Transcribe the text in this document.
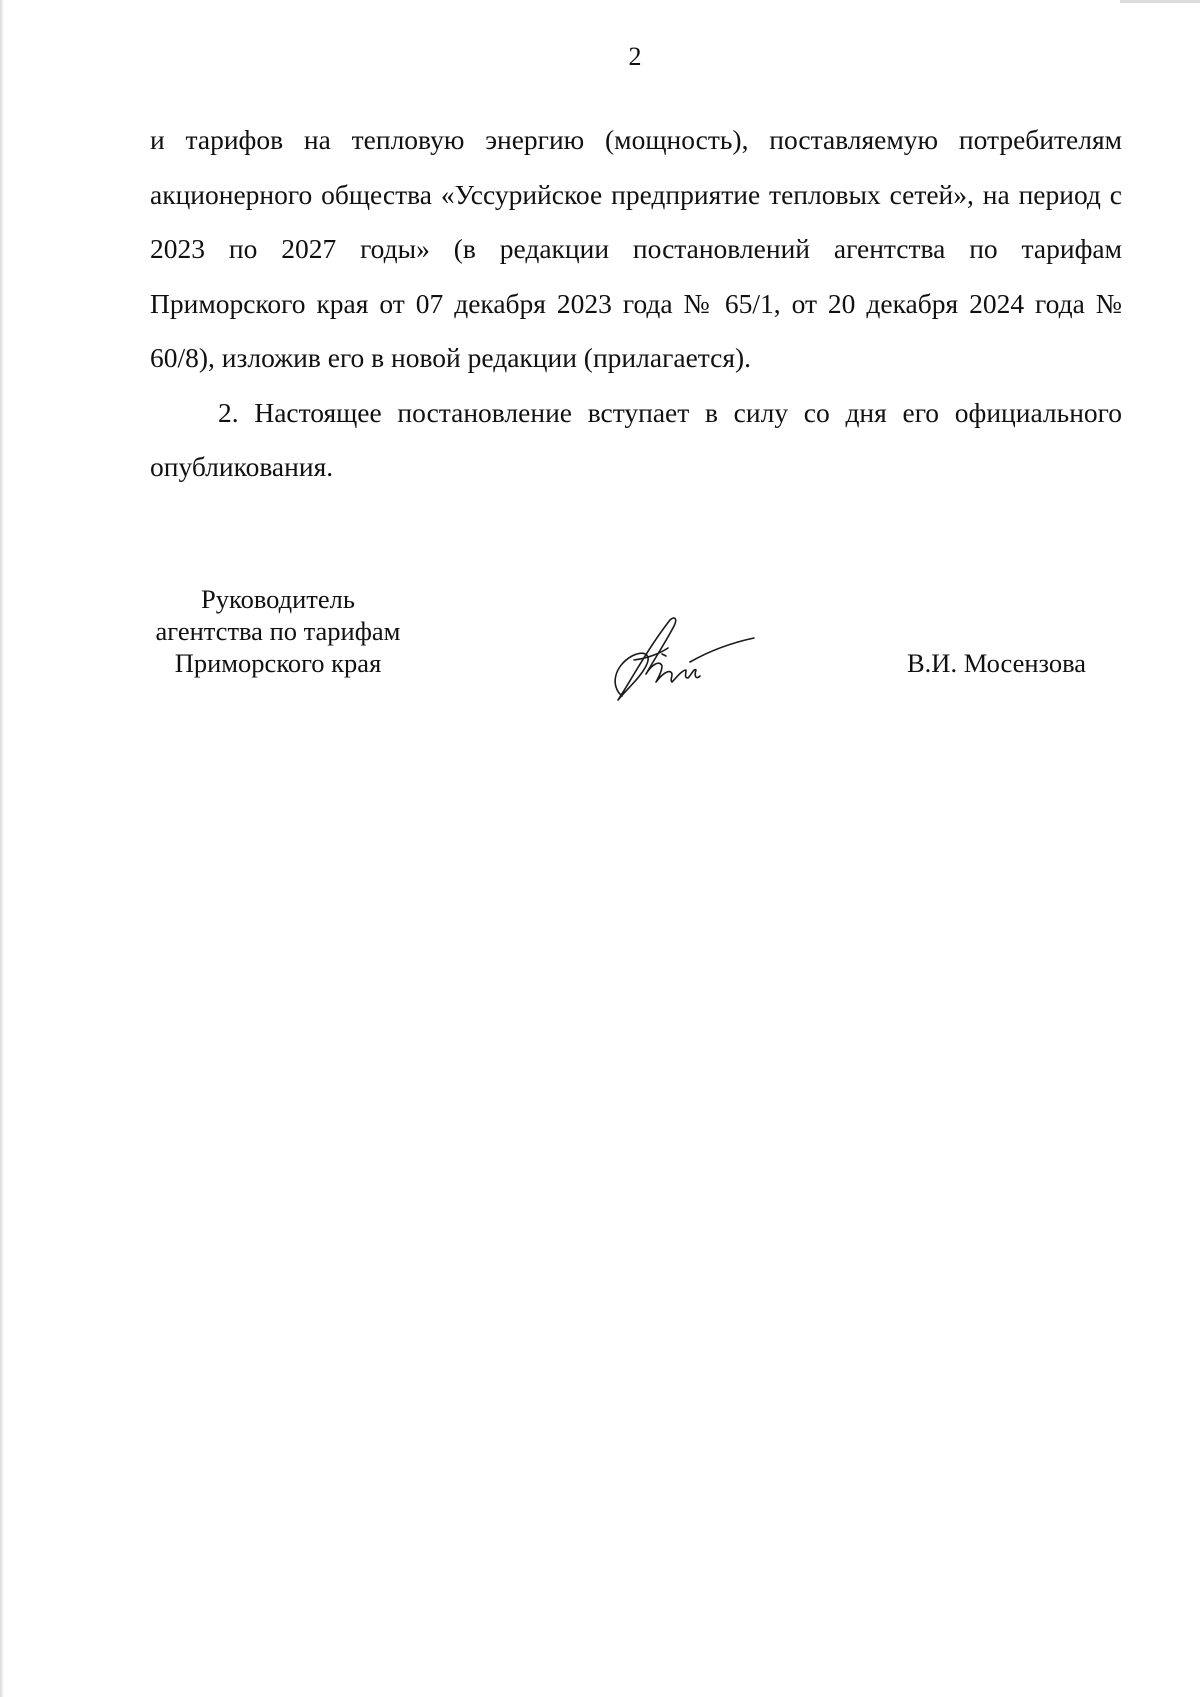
2

и тарифов на тепловую энергию (мощность), поставляемую потребителям акционерного общества «Уссурийское предприятие тепловых сетей», на период с 2023 по 2027 годы» (в редакции постановлений агентства по тарифам Приморского края от 07 декабря 2023 года № 65/1, от 20 декабря 2024 года № 60/8), изложив его в новой редакции (прилагается).

2. Настоящее постановление вступает в силу со дня его официального опубликования.

Руководитель
агентства по тарифам
Приморского края	В.И. Мосензова
